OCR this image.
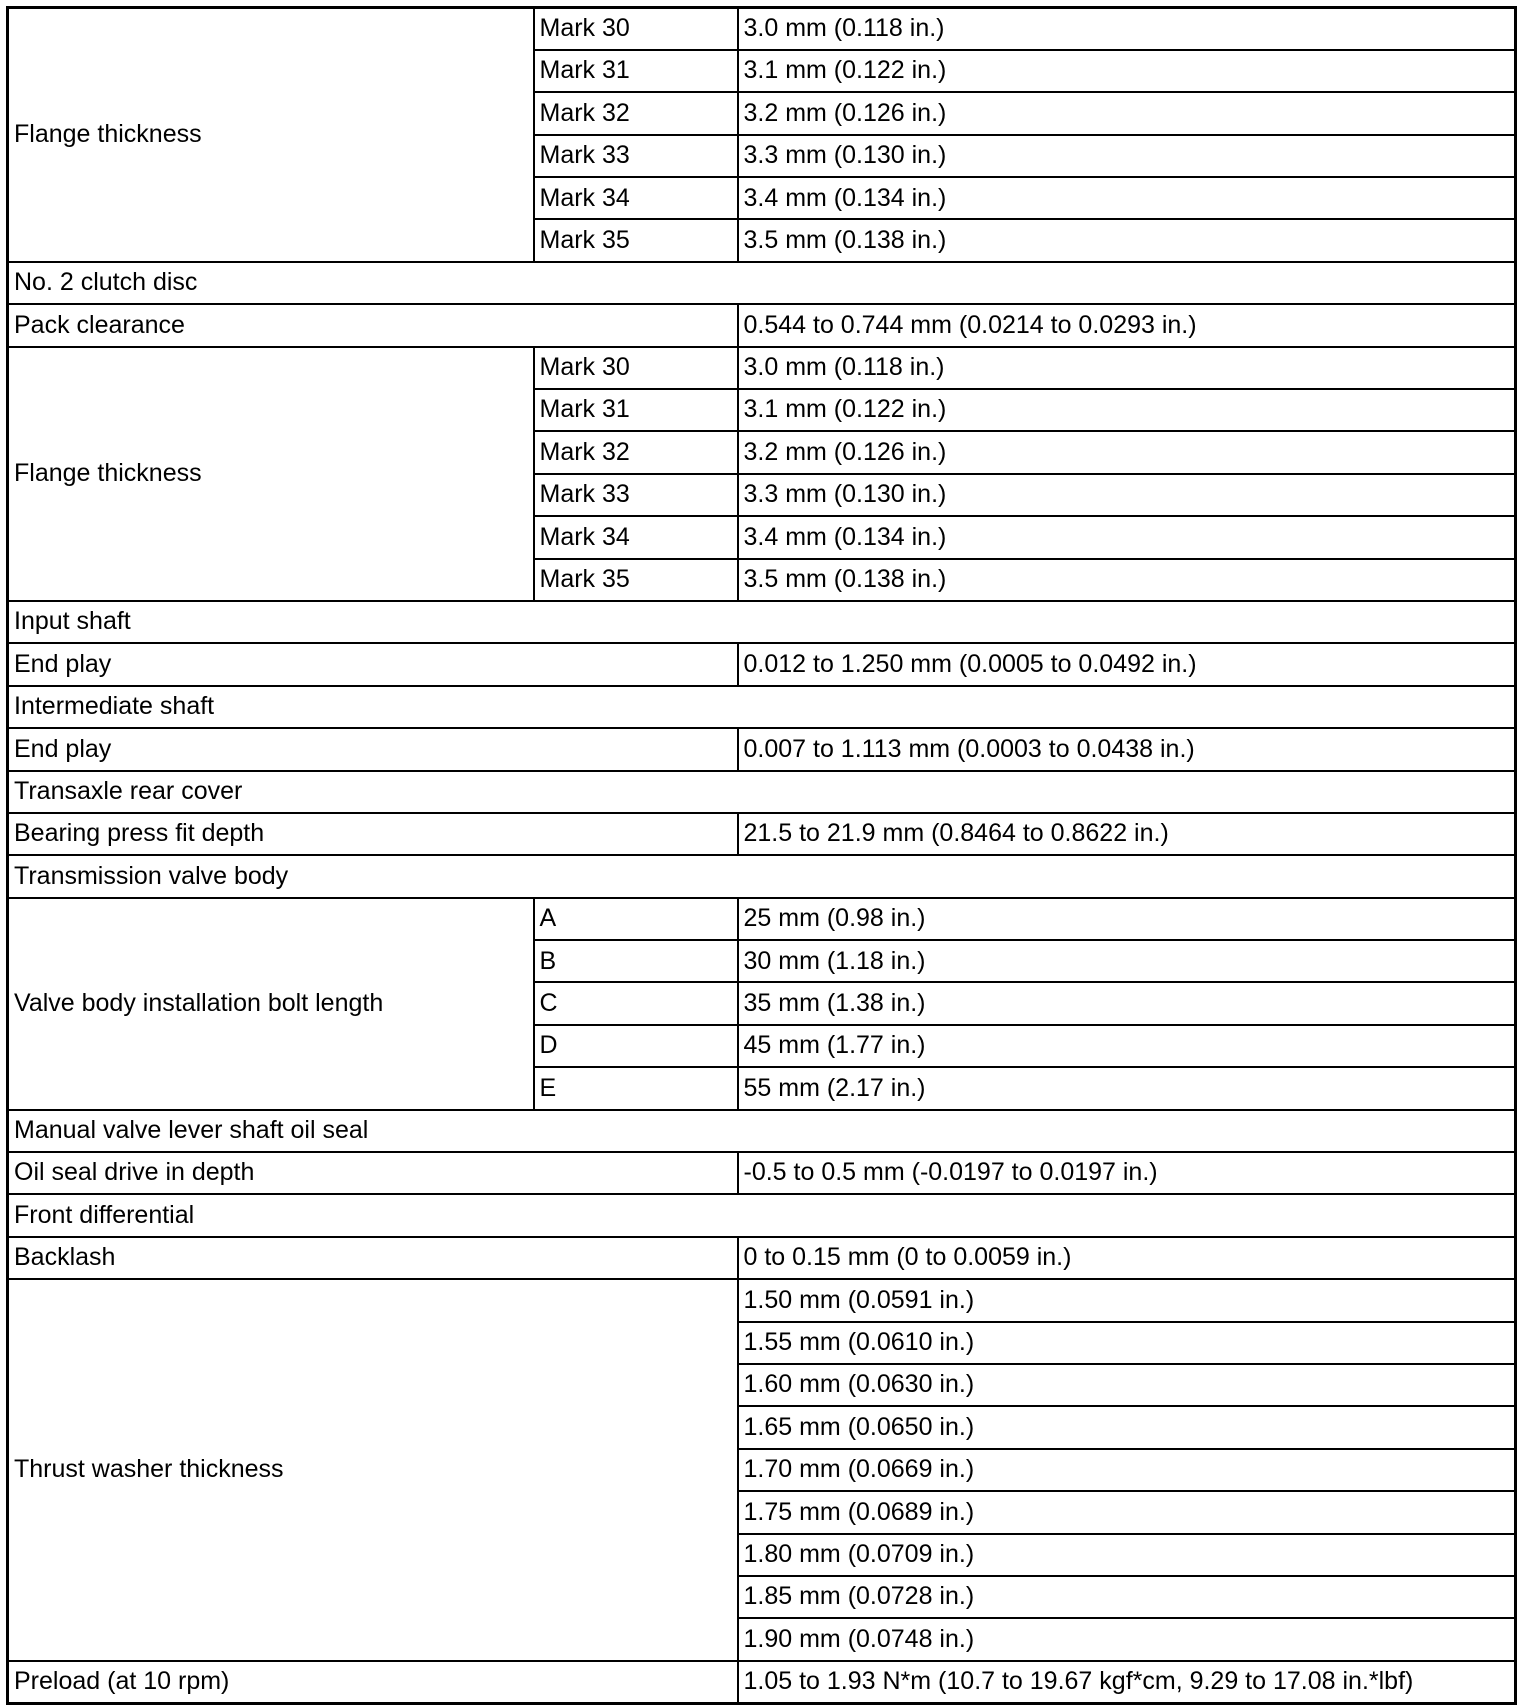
Flange thickness	Mark 30	3.0 mm (0.118 in.)
	Mark 31	3.1 mm (0.122 in.)
	Mark 32	3.2 mm (0.126 in.)
	Mark 33	3.3 mm (0.130 in.)
	Mark 34	3.4 mm (0.134 in.)
	Mark 35	3.5 mm (0.138 in.)
No. 2 clutch disc		
Pack clearance		0.544 to 0.744 mm (0.0214 to 0.0293 in.)
Flange thickness	Mark 30	3.0 mm (0.118 in.)
	Mark 31	3.1 mm (0.122 in.)
	Mark 32	3.2 mm (0.126 in.)
	Mark 33	3.3 mm (0.130 in.)
	Mark 34	3.4 mm (0.134 in.)
	Mark 35	3.5 mm (0.138 in.)
Input shaft		
End play		0.012 to 1.250 mm (0.0005 to 0.0492 in.)
Intermediate shaft		
End play		0.007 to 1.113 mm (0.0003 to 0.0438 in.)
Transaxle rear cover		
Bearing press fit depth		21.5 to 21.9 mm (0.8464 to 0.8622 in.)
Transmission valve body		
Valve body installation bolt length	A	25 mm (0.98 in.)
	B	30 mm (1.18 in.)
	C	35 mm (1.38 in.)
	D	45 mm (1.77 in.)
	E	55 mm (2.17 in.)
Manual valve lever shaft oil seal		
Oil seal drive in depth		-0.5 to 0.5 mm (-0.0197 to 0.0197 in.)
Front differential		
Backlash		0 to 0.15 mm (0 to 0.0059 in.)
Thrust washer thickness		1.50 mm (0.0591 in.)
		1.55 mm (0.0610 in.)
		1.60 mm (0.0630 in.)
		1.65 mm (0.0650 in.)
		1.70 mm (0.0669 in.)
		1.75 mm (0.0689 in.)
		1.80 mm (0.0709 in.)
		1.85 mm (0.0728 in.)
		1.90 mm (0.0748 in.)
Preload (at 10 rpm)		1.05 to 1.93 N*m (10.7 to 19.67 kgf*cm, 9.29 to 17.08 in.*lbf)
